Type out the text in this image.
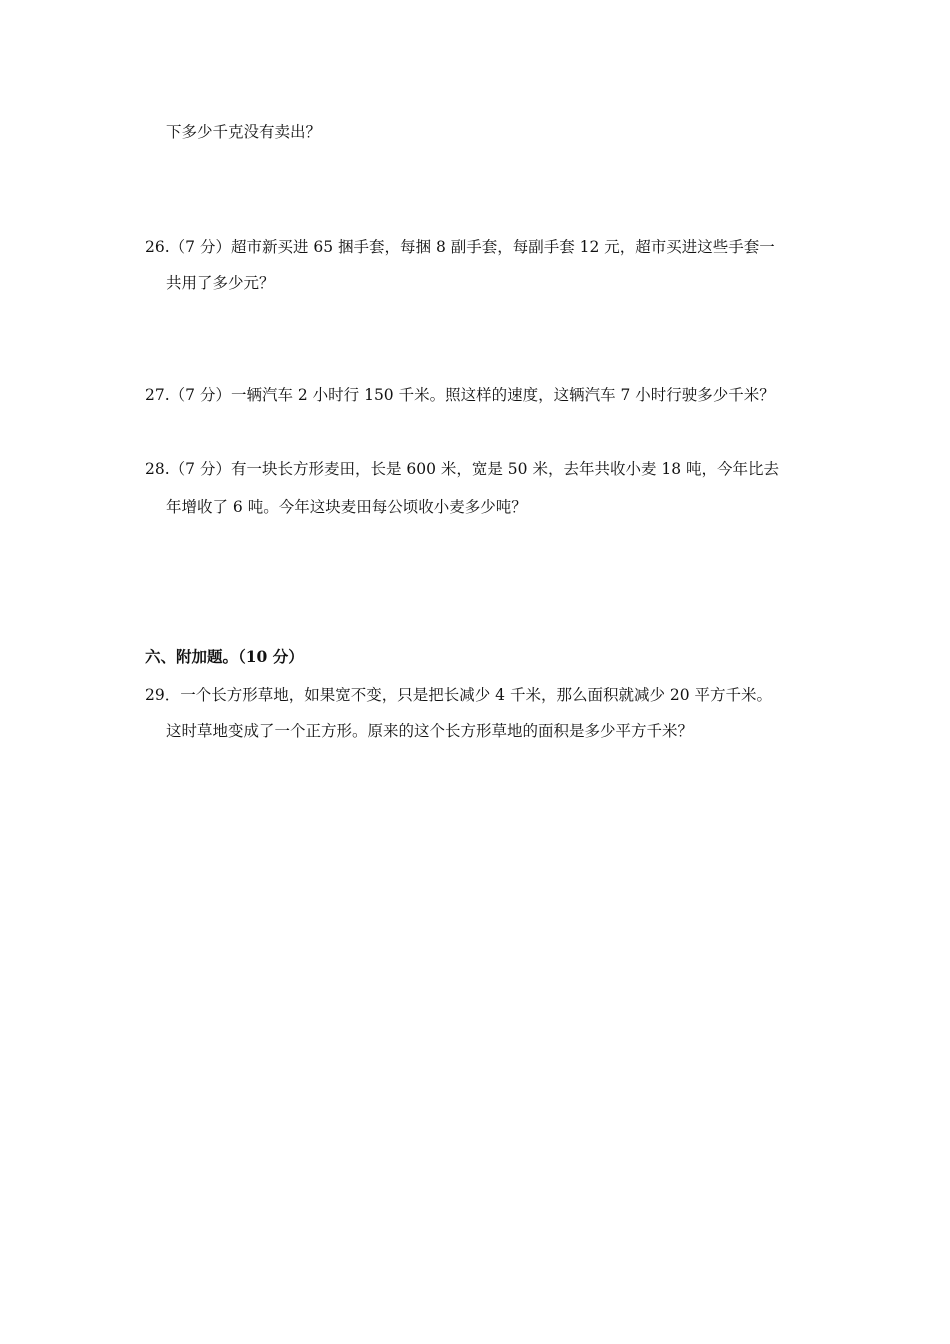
下多少千克没有卖出？
26.（7 分）超市新买进 65 捆手套，每捆 8 副手套，每副手套 12 元，超市买进这些手套一
共用了多少元？
27.（7 分）一辆汽车 2 小时行 150 千米。照这样的速度，这辆汽车 7 小时行驶多少千米？
28.（7 分）有一块长方形麦田，长是 600 米，宽是 50 米，去年共收小麦 18 吨，今年比去
年增收了 6 吨。今年这块麦田每公顷收小麦多少吨？
六、附加题。（10 分）
29．一个长方形草地，如果宽不变，只是把长减少 4 千米，那么面积就减少 20 平方千米。
这时草地变成了一个正方形。原来的这个长方形草地的面积是多少平方千米？
